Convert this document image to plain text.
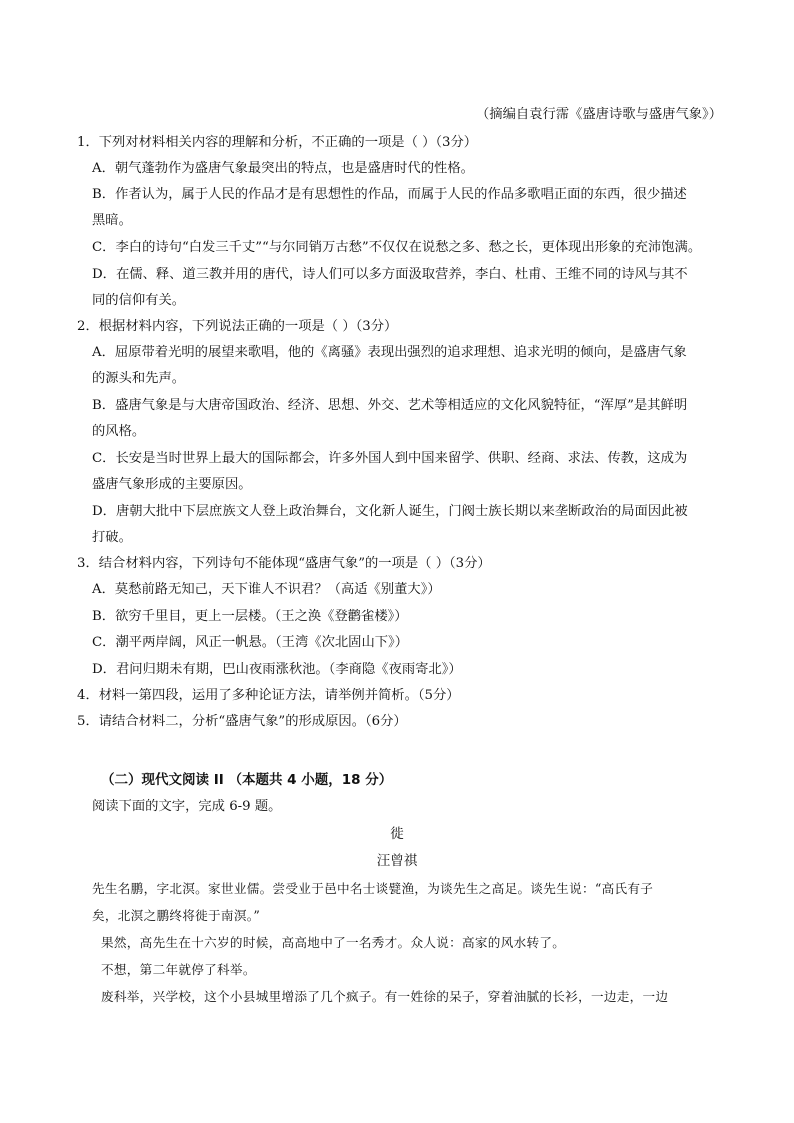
（摘编自袁行霈《盛唐诗歌与盛唐气象》）
1．下列对材料相关内容的理解和分析，不正确的一项是（ ）（3分）
A．朝气蓬勃作为盛唐气象最突出的特点，也是盛唐时代的性格。
B．作者认为，属于人民的作品才是有思想性的作品，而属于人民的作品多歌唱正面的东西，很少描述
黑暗。
C．李白的诗句“白发三千丈”“与尔同销万古愁”不仅仅在说愁之多、愁之长，更体现出形象的充沛饱满。
D．在儒、释、道三教并用的唐代，诗人们可以多方面汲取营养，李白、杜甫、王维不同的诗风与其不
同的信仰有关。
2．根据材料内容，下列说法正确的一项是（ ）（3分）
A．屈原带着光明的展望来歌唱，他的《离骚》表现出强烈的追求理想、追求光明的倾向，是盛唐气象
的源头和先声。
B．盛唐气象是与大唐帝国政治、经济、思想、外交、艺术等相适应的文化风貌特征，“浑厚”是其鲜明
的风格。
C．长安是当时世界上最大的国际都会，许多外国人到中国来留学、供职、经商、求法、传教，这成为
盛唐气象形成的主要原因。
D．唐朝大批中下层庶族文人登上政治舞台，文化新人诞生，门阀士族长期以来垄断政治的局面因此被
打破。
3．结合材料内容，下列诗句不能体现“盛唐气象”的一项是（ ）（3分）
A．莫愁前路无知己，天下谁人不识君？（高适《别董大》）
B．欲穷千里目，更上一层楼。（王之涣《登鹳雀楼》）
C．潮平两岸阔，风正一帆悬。（王湾《次北固山下》）
D．君问归期未有期，巴山夜雨涨秋池。（李商隐《夜雨寄北》）
4．材料一第四段，运用了多种论证方法，请举例并简析。（5分）
5．请结合材料二，分析“盛唐气象”的形成原因。（6分）
（二）现代文阅读 II （本题共 4 小题，18 分）
阅读下面的文字，完成 6-9 题。
徙
汪曾祺
先生名鹏，字北溟。家世业儒。尝受业于邑中名士谈甓渔，为谈先生之高足。谈先生说：“高氏有子
矣，北溟之鹏终将徙于南溟。”
果然，高先生在十六岁的时候，高高地中了一名秀才。众人说：高家的风水转了。
不想，第二年就停了科举。
废科举，兴学校，这个小县城里增添了几个疯子。有一姓徐的呆子，穿着油腻的长衫，一边走，一边
